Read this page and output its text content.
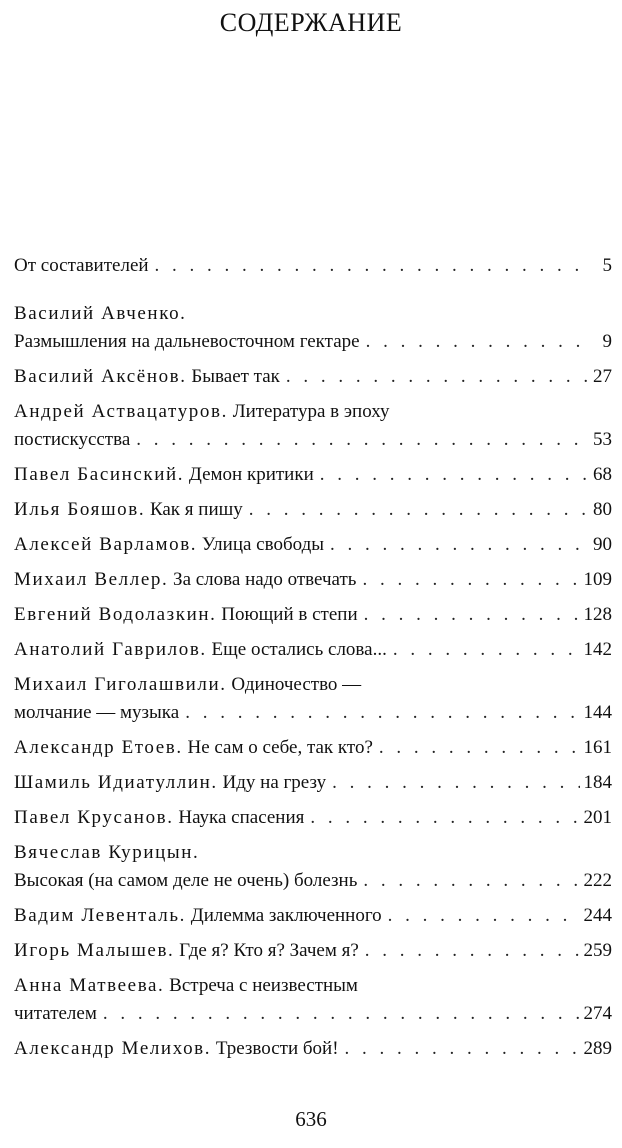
СОДЕРЖАНИЕ
От составителей . . .	5
Василий Авченко.
Размышления на дальневосточном гектаре . . .	9
Василий Аксёнов.
Бывает так . . .	27
Андрей Аствацатуров. Литература в эпоху
постискусства . . .	53
Павел Басинский.
Демон критики . . .	68
Илья Бояшов.
Как я пишу . . .	80
Алексей Варламов.
Улица свободы . . .	90
Михаил Веллер.
За слова надо отвечать . . .	109
Евгений Водолазкин.
Поющий в степи . . .	128
Анатолий Гаврилов.
Еще остались слова... . . .	142
Михаил Гиголашвили. Одиночество —
молчание — музыка . . .	144
Александр Етоев.
Не сам о себе, так кто? . . .	161
Шамиль Идиатуллин.
Иду на грезу . . .	184
Павел Крусанов.
Наука спасения . . .	201
Вячеслав Курицын.
Высокая (на самом деле не очень) болезнь . . .	222
Вадим Левенталь.
Дилемма заключенного . . .	244
Игорь Малышев.
Где я? Кто я? Зачем я? . . .	259
Анна Матвеева. Встреча с неизвестным
читателем . . .	274
Александр Мелихов.
Трезвости бой! . . .	289
636
